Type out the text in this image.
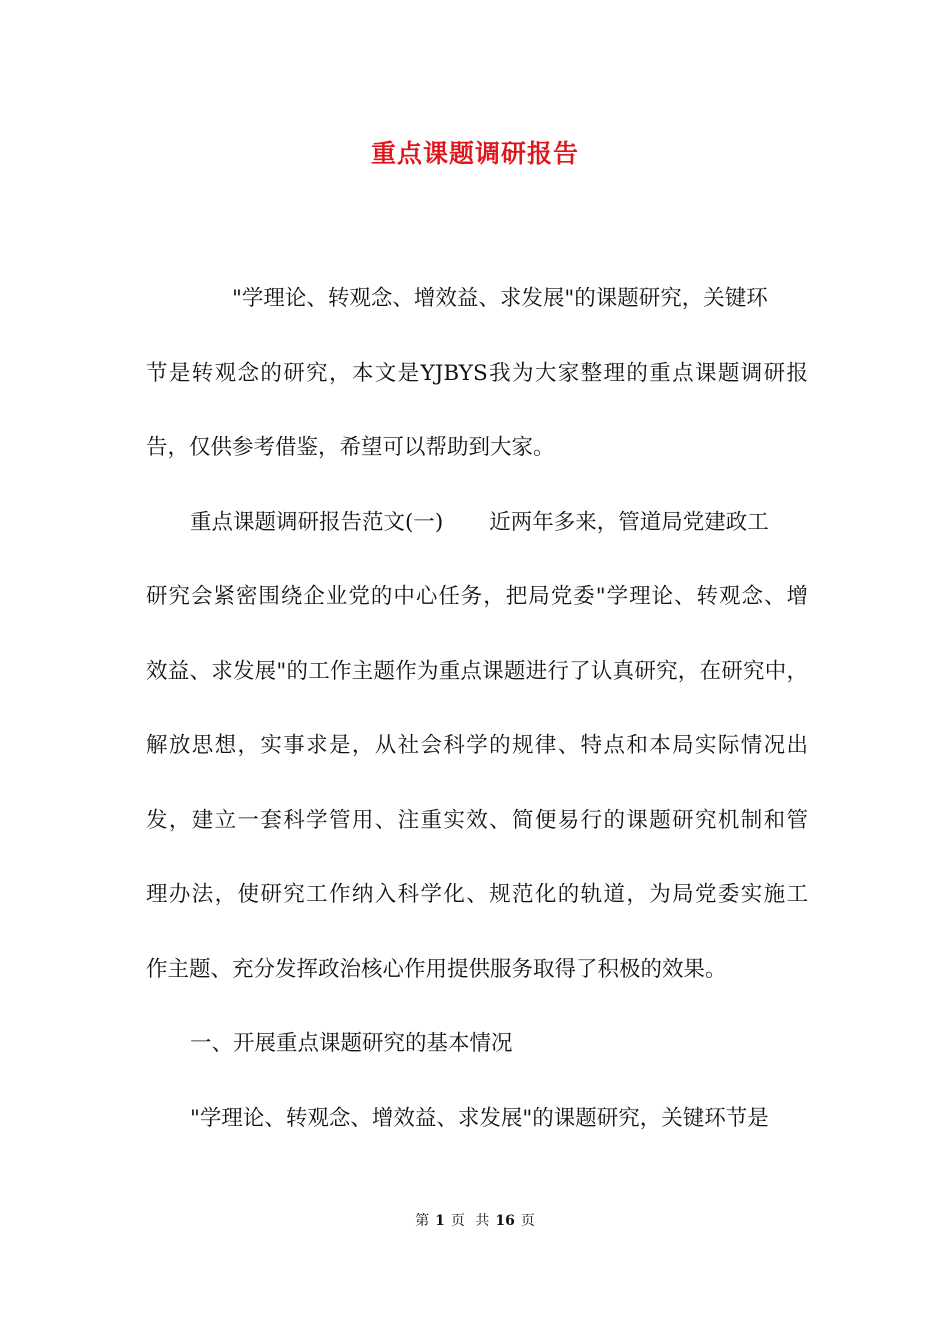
重点课题调研报告
"学理论、转观念、增效益、求发展"的课题研究，关键环
节是转观念的研究，本文是YJBYS我为大家整理的重点课题调研报
告，仅供参考借鉴，希望可以帮助到大家。
重点课题调研报告范文(一) 近两年多来，管道局党建政工
研究会紧密围绕企业党的中心任务，把局党委"学理论、转观念、增
效益、求发展"的工作主题作为重点课题进行了认真研究，在研究中，
解放思想，实事求是，从社会科学的规律、特点和本局实际情况出
发，建立一套科学管用、注重实效、简便易行的课题研究机制和管
理办法，使研究工作纳入科学化、规范化的轨道，为局党委实施工
作主题、充分发挥政治核心作用提供服务取得了积极的效果。
一、开展重点课题研究的基本情况
"学理论、转观念、增效益、求发展"的课题研究，关键环节是
第 1 页 共 16 页
